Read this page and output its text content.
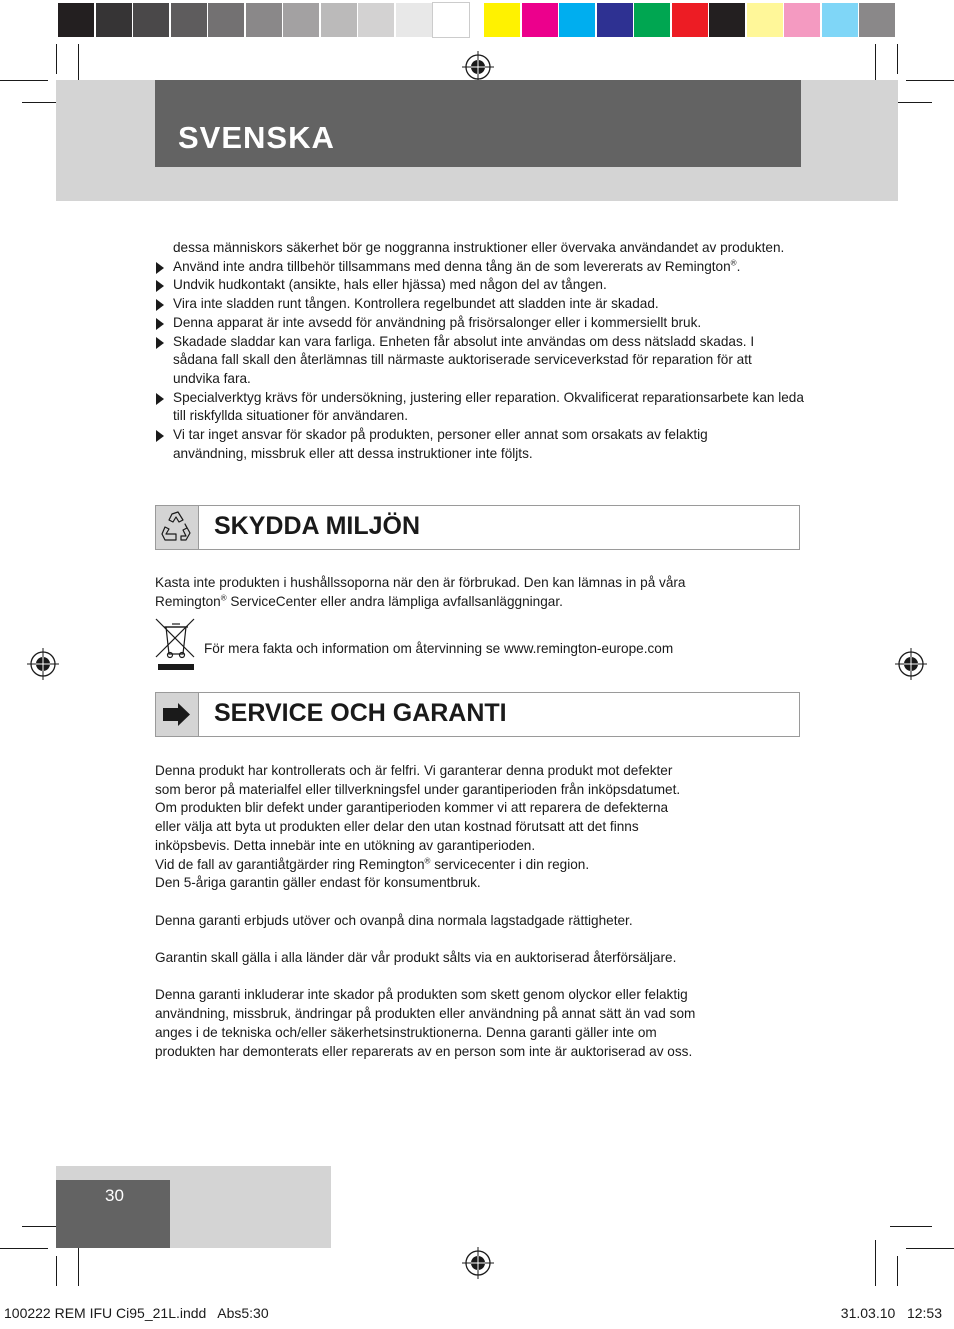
SVENSKA
dessa människors säkerhet bör ge noggranna instruktioner eller övervaka användandet av produkten.
Använd inte andra tillbehör tillsammans med denna tång än de som levererats av Remington®.
Undvik hudkontakt (ansikte, hals eller hjässa) med någon del av tången.
Vira inte sladden runt tången. Kontrollera regelbundet att sladden inte är skadad.
Denna apparat är inte avsedd för användning på frisörsalonger eller i kommersiellt bruk.
Skadade sladdar kan vara farliga. Enheten får absolut inte användas om dess nätsladd skadas. I sådana fall skall den återlämnas till närmaste auktoriserade serviceverkstad för reparation för att undvika fara.
Specialverktyg krävs för undersökning, justering eller reparation. Okvalificerat reparationsarbete kan leda till riskfyllda situationer för användaren.
Vi tar inget ansvar för skador på produkten, personer eller annat som orsakats av felaktig användning, missbruk eller att dessa instruktioner inte följts.
SKYDDA MILJÖN
Kasta inte produkten i hushållssoporna när den är förbrukad. Den kan lämnas in på våra
Remington® ServiceCenter eller andra lämpliga avfallsanläggningar.
För mera fakta och information om återvinning se www.remington-europe.com
SERVICE OCH GARANTI
Denna produkt har kontrollerats och är felfri. Vi garanterar denna produkt mot defekter
som beror på materialfel eller tillverkningsfel under garantiperioden från inköpsdatumet.
Om produkten blir defekt under garantiperioden kommer vi att reparera de defekterna
eller välja att byta ut produkten eller delar den utan kostnad förutsatt att det finns
inköpsbevis. Detta innebär inte en utökning av garantiperioden.
Vid de fall av garantiåtgärder ring Remington® servicecenter i din region.
Den 5-åriga garantin gäller endast för konsumentbruk.
Denna garanti erbjuds utöver och ovanpå dina normala lagstadgade rättigheter.
Garantin skall gälla i alla länder där vår produkt sålts via en auktoriserad återförsäljare.
Denna garanti inkluderar inte skador på produkten som skett genom olyckor eller felaktig
användning, missbruk, ändringar på produkten eller användning på annat sätt än vad som
anges i de tekniska och/eller säkerhetsinstruktionerna. Denna garanti gäller inte om
produkten har demonterats eller reparerats av en person som inte är auktoriserad av oss.
30
100222 REM IFU Ci95_21L.indd   Abs5:30	31.03.10   12:53
